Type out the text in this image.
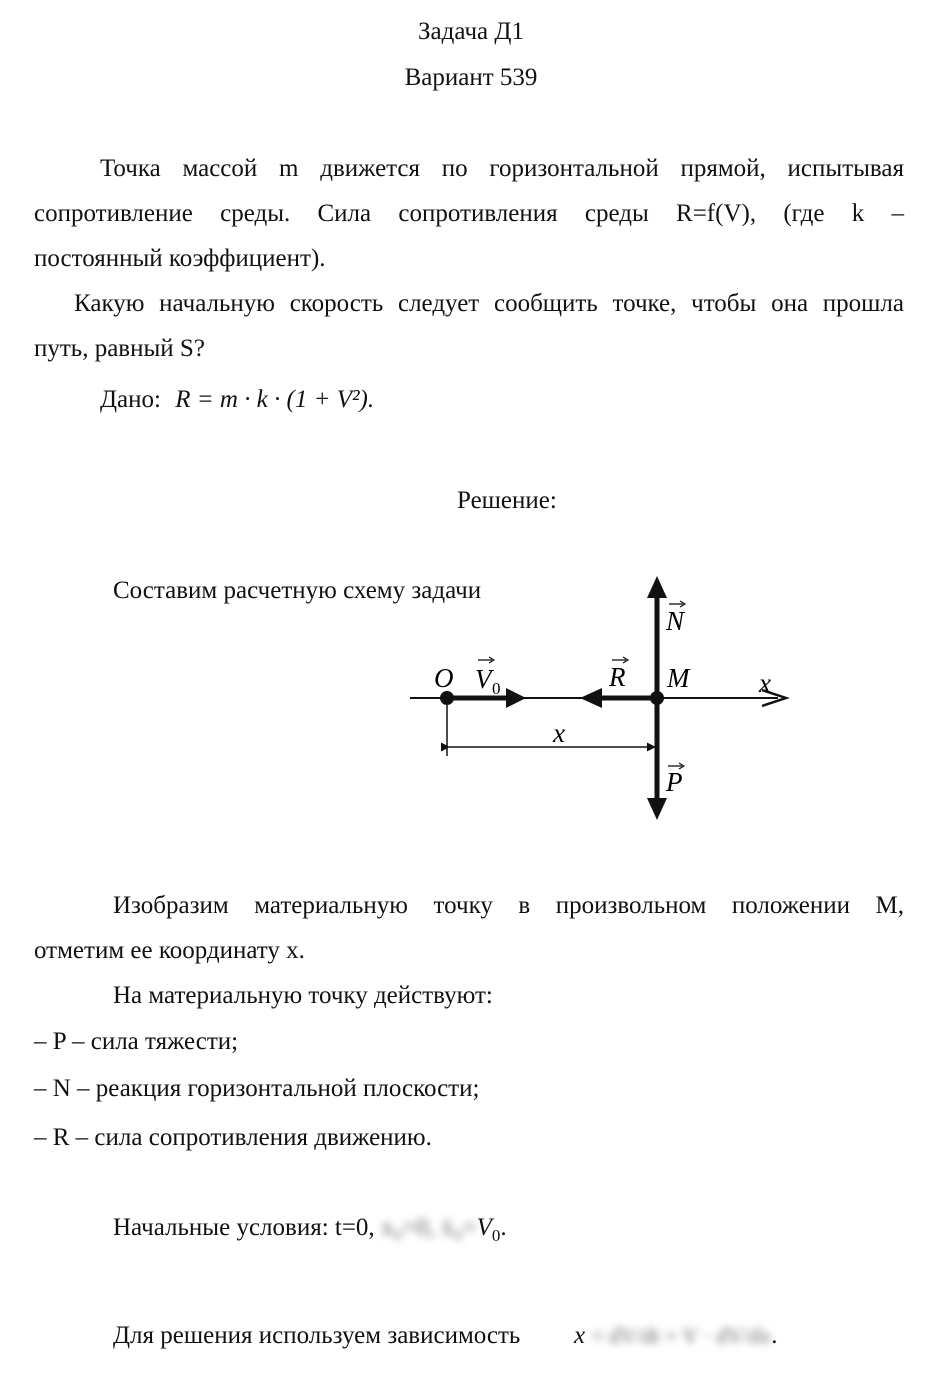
Задача Д1
Вариант 539
Точка массой m движется по горизонтальной прямой, испытывая
сопротивление среды. Сила сопротивления среды R=f(V), (где k –
постоянный коэффициент).
Какую начальную скорость следует сообщить точке, чтобы она прошла
путь, равный S?
Дано: R = m · k · (1 + V²).
Решение:
Составим расчетную схему задачи
O V 0	R M	x
N
P
x
Изобразим материальную точку в произвольном положении M,
отметим ее координату x.
На материальную точку действуют:
– P – сила тяжести;
– N – реакция горизонтальной плоскости;
– R – сила сопротивления движению.
Начальные условия: t=0, x₀=0, $ẋ_0=V_0$.
Для решения используем зависимость x = dV/dt = V · dV/dx.
